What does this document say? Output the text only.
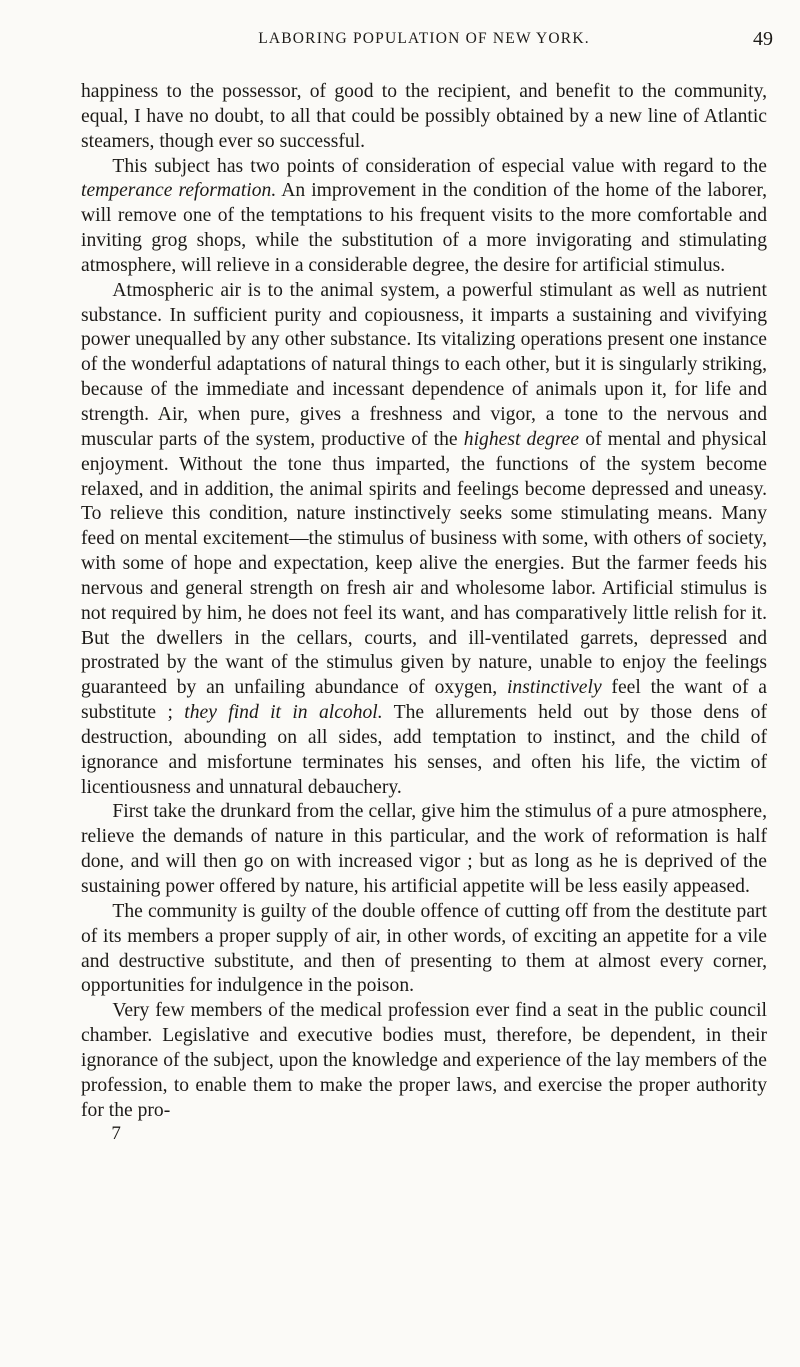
LABORING POPULATION OF NEW YORK.	49

happiness to the possessor, of good to the recipient, and benefit to the community, equal, I have no doubt, to all that could be possibly obtained by a new line of Atlantic steamers, though ever so successful.

This subject has two points of consideration of especial value with regard to the temperance reformation. An improvement in the condition of the home of the laborer, will remove one of the temptations to his frequent visits to the more comfortable and inviting grog shops, while the substitution of a more invigorating and stimulating atmosphere, will relieve in a considerable degree, the desire for artificial stimulus.

Atmospheric air is to the animal system, a powerful stimulant as well as nutrient substance. In sufficient purity and copiousness, it imparts a sustaining and vivifying power unequalled by any other substance. Its vitalizing operations present one instance of the wonderful adaptations of natural things to each other, but it is singularly striking, because of the immediate and incessant dependence of animals upon it, for life and strength. Air, when pure, gives a freshness and vigor, a tone to the nervous and muscular parts of the system, productive of the highest degree of mental and physical enjoyment. Without the tone thus imparted, the functions of the system become relaxed, and in addition, the animal spirits and feelings become depressed and uneasy. To relieve this condition, nature instinctively seeks some stimulating means. Many feed on mental excitement—the stimulus of business with some, with others of society, with some of hope and expectation, keep alive the energies. But the farmer feeds his nervous and general strength on fresh air and wholesome labor. Artificial stimulus is not required by him, he does not feel its want, and has comparatively little relish for it. But the dwellers in the cellars, courts, and ill-ventilated garrets, depressed and prostrated by the want of the stimulus given by nature, unable to enjoy the feelings guaranteed by an unfailing abundance of oxygen, instinctively feel the want of a substitute ; they find it in alcohol. The allurements held out by those dens of destruction, abounding on all sides, add temptation to instinct, and the child of ignorance and misfortune terminates his senses, and often his life, the victim of licentiousness and unnatural debauchery.

First take the drunkard from the cellar, give him the stimulus of a pure atmosphere, relieve the demands of nature in this particular, and the work of reformation is half done, and will then go on with increased vigor ; but as long as he is deprived of the sustaining power offered by nature, his artificial appetite will be less easily appeased.

The community is guilty of the double offence of cutting off from the destitute part of its members a proper supply of air, in other words, of exciting an appetite for a vile and destructive substitute, and then of presenting to them at almost every corner, opportunities for indulgence in the poison.

Very few members of the medical profession ever find a seat in the public council chamber. Legislative and executive bodies must, therefore, be dependent, in their ignorance of the subject, upon the knowledge and experience of the lay members of the profession, to enable them to make the proper laws, and exercise the proper authority for the pro-

7
